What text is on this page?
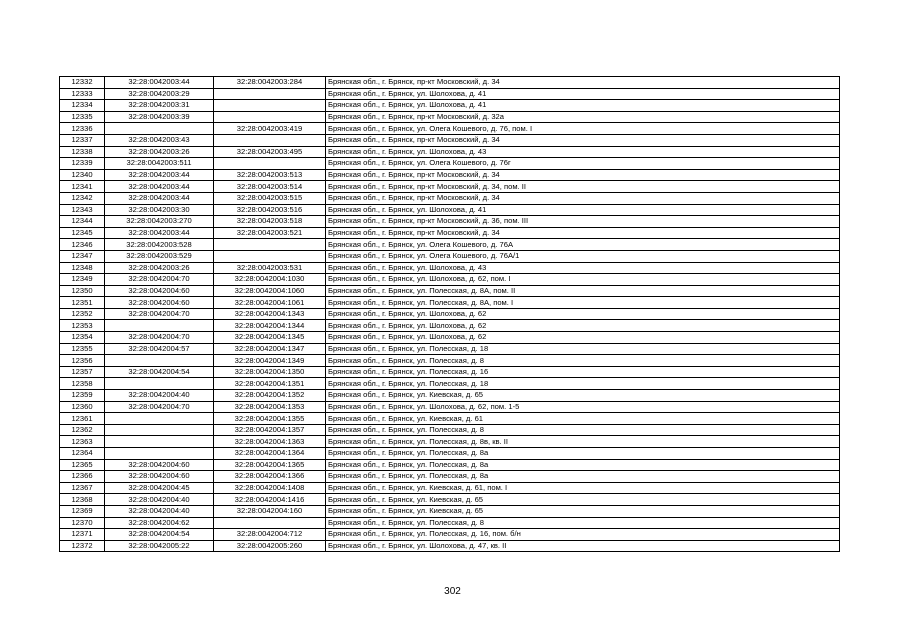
12332	32:28:0042003:44	32:28:0042003:284	Брянская обл., г. Брянск, пр-кт Московский, д. 34
12333	32:28:0042003:29		Брянская обл., г. Брянск, ул. Шолохова, д. 41
12334	32:28:0042003:31		Брянская обл., г. Брянск, ул. Шолохова, д. 41
12335	32:28:0042003:39		Брянская обл., г. Брянск, пр-кт Московский, д. 32а
12336		32:28:0042003:419	Брянская обл., г. Брянск, ул. Олега Кошевого, д. 76, пом. I
12337	32:28:0042003:43		Брянская обл., г. Брянск, пр-кт Московский, д. 34
12338	32:28:0042003:26	32:28:0042003:495	Брянская обл., г. Брянск, ул. Шолохова, д. 43
12339	32:28:0042003:511		Брянская обл., г. Брянск, ул. Олега Кошевого, д. 76г
12340	32:28:0042003:44	32:28:0042003:513	Брянская обл., г. Брянск, пр-кт Московский, д. 34
12341	32:28:0042003:44	32:28:0042003:514	Брянская обл., г. Брянск, пр-кт Московский, д. 34, пом. II
12342	32:28:0042003:44	32:28:0042003:515	Брянская обл., г. Брянск, пр-кт Московский, д. 34
12343	32:28:0042003:30	32:28:0042003:516	Брянская обл., г. Брянск, ул. Шолохова, д. 41
12344	32:28:0042003:270	32:28:0042003:518	Брянская обл., г. Брянск, пр-кт Московский, д. 36, пом. III
12345	32:28:0042003:44	32:28:0042003:521	Брянская обл., г. Брянск, пр-кт Московский, д. 34
12346	32:28:0042003:528		Брянская обл., г. Брянск, ул. Олега Кошевого, д. 76А
12347	32:28:0042003:529		Брянская обл., г. Брянск, ул. Олега Кошевого, д. 76А/1
12348	32:28:0042003:26	32:28:0042003:531	Брянская обл., г. Брянск, ул. Шолохова, д. 43
12349	32:28:0042004:70	32:28:0042004:1030	Брянская обл., г. Брянск, ул. Шолохова, д. 62, пом. I
12350	32:28:0042004:60	32:28:0042004:1060	Брянская обл., г. Брянск, ул. Полесская, д. 8А, пом. II
12351	32:28:0042004:60	32:28:0042004:1061	Брянская обл., г. Брянск, ул. Полесская, д. 8А, пом. I
12352	32:28:0042004:70	32:28:0042004:1343	Брянская обл., г. Брянск, ул. Шолохова, д. 62
12353		32:28:0042004:1344	Брянская обл., г. Брянск, ул. Шолохова, д. 62
12354	32:28:0042004:70	32:28:0042004:1345	Брянская обл., г. Брянск, ул. Шолохова, д. 62
12355	32:28:0042004:57	32:28:0042004:1347	Брянская обл., г. Брянск, ул. Полесская, д. 18
12356		32:28:0042004:1349	Брянская обл., г. Брянск, ул. Полесская, д. 8
12357	32:28:0042004:54	32:28:0042004:1350	Брянская обл., г. Брянск, ул. Полесская, д. 16
12358		32:28:0042004:1351	Брянская обл., г. Брянск, ул. Полесская, д. 18
12359	32:28:0042004:40	32:28:0042004:1352	Брянская обл., г. Брянск, ул. Киевская, д. 65
12360	32:28:0042004:70	32:28:0042004:1353	Брянская обл., г. Брянск, ул. Шолохова, д. 62, пом. 1-5
12361		32:28:0042004:1355	Брянская обл., г. Брянск, ул. Киевская, д. 61
12362		32:28:0042004:1357	Брянская обл., г. Брянск, ул. Полесская, д. 8
12363		32:28:0042004:1363	Брянская обл., г. Брянск, ул. Полесская, д. 8в, кв. II
12364		32:28:0042004:1364	Брянская обл., г. Брянск, ул. Полесская, д. 8а
12365	32:28:0042004:60	32:28:0042004:1365	Брянская обл., г. Брянск, ул. Полесская, д. 8а
12366	32:28:0042004:60	32:28:0042004:1366	Брянская обл., г. Брянск, ул. Полесская, д. 8а
12367	32:28:0042004:45	32:28:0042004:1408	Брянская обл., г. Брянск, ул. Киевская, д. 61, пом. I
12368	32:28:0042004:40	32:28:0042004:1416	Брянская обл., г. Брянск, ул. Киевская, д. 65
12369	32:28:0042004:40	32:28:0042004:160	Брянская обл., г. Брянск, ул. Киевская, д. 65
12370	32:28:0042004:62		Брянская обл., г. Брянск, ул. Полесская, д. 8
12371	32:28:0042004:54	32:28:0042004:712	Брянская обл., г. Брянск, ул. Полесская, д. 16, пом. б/н
12372	32:28:0042005:22	32:28:0042005:260	Брянская обл., г. Брянск, ул. Шолохова, д. 47, кв. II
302
